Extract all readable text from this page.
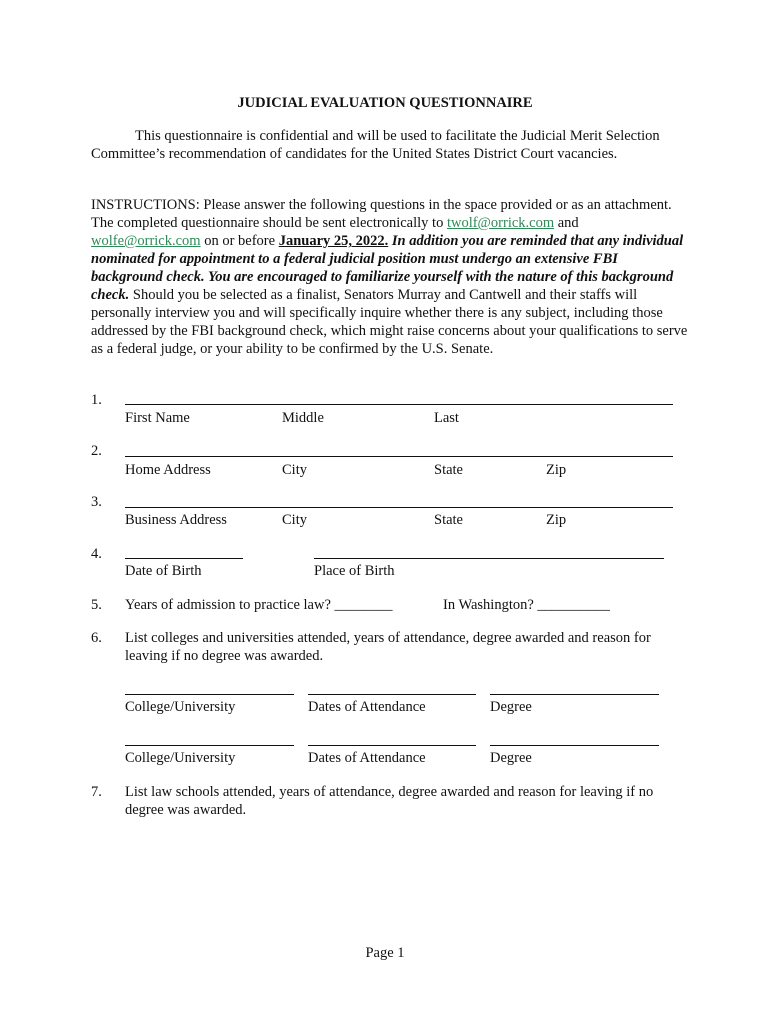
JUDICIAL EVALUATION QUESTIONNAIRE
This questionnaire is confidential and will be used to facilitate the Judicial Merit Selection Committee’s recommendation of candidates for the United States District Court vacancies.
INSTRUCTIONS: Please answer the following questions in the space provided or as an attachment. The completed questionnaire should be sent electronically to twolf@orrick.com and
wolfe@orrick.com on or before January 25, 2022. In addition you are reminded that any individual nominated for appointment to a federal judicial position must undergo an extensive FBI background check. You are encouraged to familiarize yourself with the nature of this background check. Should you be selected as a finalist, Senators Murray and Cantwell and their staffs will personally interview you and will specifically inquire whether there is any subject, including those addressed by the FBI background check, which might raise concerns about your qualifications to serve as a federal judge, or your ability to be confirmed by the U.S. Senate.
1.
First Name	Middle	Last
2.
Home Address	City	State	Zip
3.
Business Address	City	State	Zip
4.
Date of Birth	Place of Birth
5. Years of admission to practice law? ________	In Washington? __________
6. List colleges and universities attended, years of attendance, degree awarded and reason for leaving if no degree was awarded.
College/University	Dates of Attendance	Degree
College/University	Dates of Attendance	Degree
7. List law schools attended, years of attendance, degree awarded and reason for leaving if no degree was awarded.
Page 1
